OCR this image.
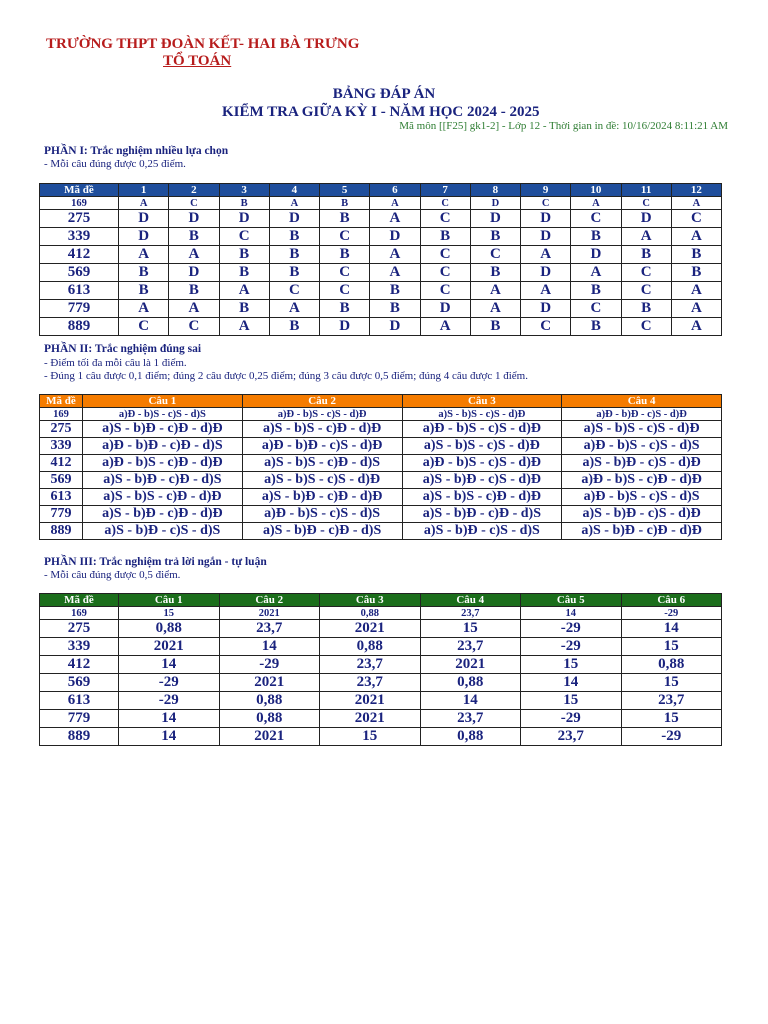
TRƯỜNG THPT ĐOÀN KẾT- HAI BÀ TRƯNG
TỔ TOÁN
BẢNG ĐÁP ÁN
KIỂM TRA GIỮA KỲ I - NĂM HỌC 2024 - 2025
Mã môn [[F25] gk1-2] - Lớp 12 - Thời gian in đề: 10/16/2024 8:11:21 AM
PHẦN I: Trắc nghiệm nhiều lựa chọn
- Mỗi câu đúng được 0,25 điểm.
Mã đề	1	2	3	4	5	6	7	8	9	10	11	12
169	A	C	B	A	B	A	C	D	C	A	C	A
275	D	D	D	D	B	A	C	D	D	C	D	C
339	D	B	C	B	C	D	B	B	D	B	A	A
412	A	A	B	B	B	A	C	C	A	D	B	B
569	B	D	B	B	C	A	C	B	D	A	C	B
613	B	B	A	C	C	B	C	A	A	B	C	A
779	A	A	B	A	B	B	D	A	D	C	B	A
889	C	C	A	B	D	D	A	B	C	B	C	A
PHẦN II: Trắc nghiệm đúng sai
- Điểm tối đa mỗi câu là 1 điểm.
- Đúng 1 câu được 0,1 điểm; đúng 2 câu được 0,25 điểm; đúng 3 câu được 0,5 điểm; đúng 4 câu được 1 điểm.
Mã đề	Câu 1	Câu 2	Câu 3	Câu 4
169	a)Đ - b)S - c)S - d)S	a)Đ - b)S - c)S - d)Đ	a)S - b)S - c)S - d)Đ	a)Đ - b)Đ - c)S - d)Đ
275	a)S - b)Đ - c)Đ - d)Đ	a)S - b)S - c)Đ - d)Đ	a)Đ - b)S - c)S - d)Đ	a)S - b)S - c)S - d)Đ
339	a)Đ - b)Đ - c)Đ - d)S	a)Đ - b)Đ - c)S - d)Đ	a)S - b)S - c)S - d)Đ	a)Đ - b)S - c)S - d)S
412	a)Đ - b)S - c)Đ - d)Đ	a)S - b)S - c)Đ - d)S	a)Đ - b)S - c)S - d)Đ	a)S - b)Đ - c)S - d)Đ
569	a)S - b)Đ - c)Đ - d)S	a)S - b)S - c)S - d)Đ	a)S - b)Đ - c)S - d)Đ	a)Đ - b)S - c)Đ - d)Đ
613	a)S - b)S - c)Đ - d)Đ	a)S - b)Đ - c)Đ - d)Đ	a)S - b)S - c)Đ - d)Đ	a)Đ - b)S - c)S - d)S
779	a)S - b)Đ - c)Đ - d)Đ	a)Đ - b)S - c)S - d)S	a)S - b)Đ - c)Đ - d)S	a)S - b)Đ - c)S - d)Đ
889	a)S - b)Đ - c)S - d)S	a)S - b)Đ - c)Đ - d)S	a)S - b)Đ - c)S - d)S	a)S - b)Đ - c)Đ - d)Đ
PHẦN III: Trắc nghiệm trả lời ngắn - tự luận
- Mỗi câu đúng được 0,5 điểm.
Mã đề	Câu 1	Câu 2	Câu 3	Câu 4	Câu 5	Câu 6
169	15	2021	0,88	23,7	14	-29
275	0,88	23,7	2021	15	-29	14
339	2021	14	0,88	23,7	-29	15
412	14	-29	23,7	2021	15	0,88
569	-29	2021	23,7	0,88	14	15
613	-29	0,88	2021	14	15	23,7
779	14	0,88	2021	23,7	-29	15
889	14	2021	15	0,88	23,7	-29
